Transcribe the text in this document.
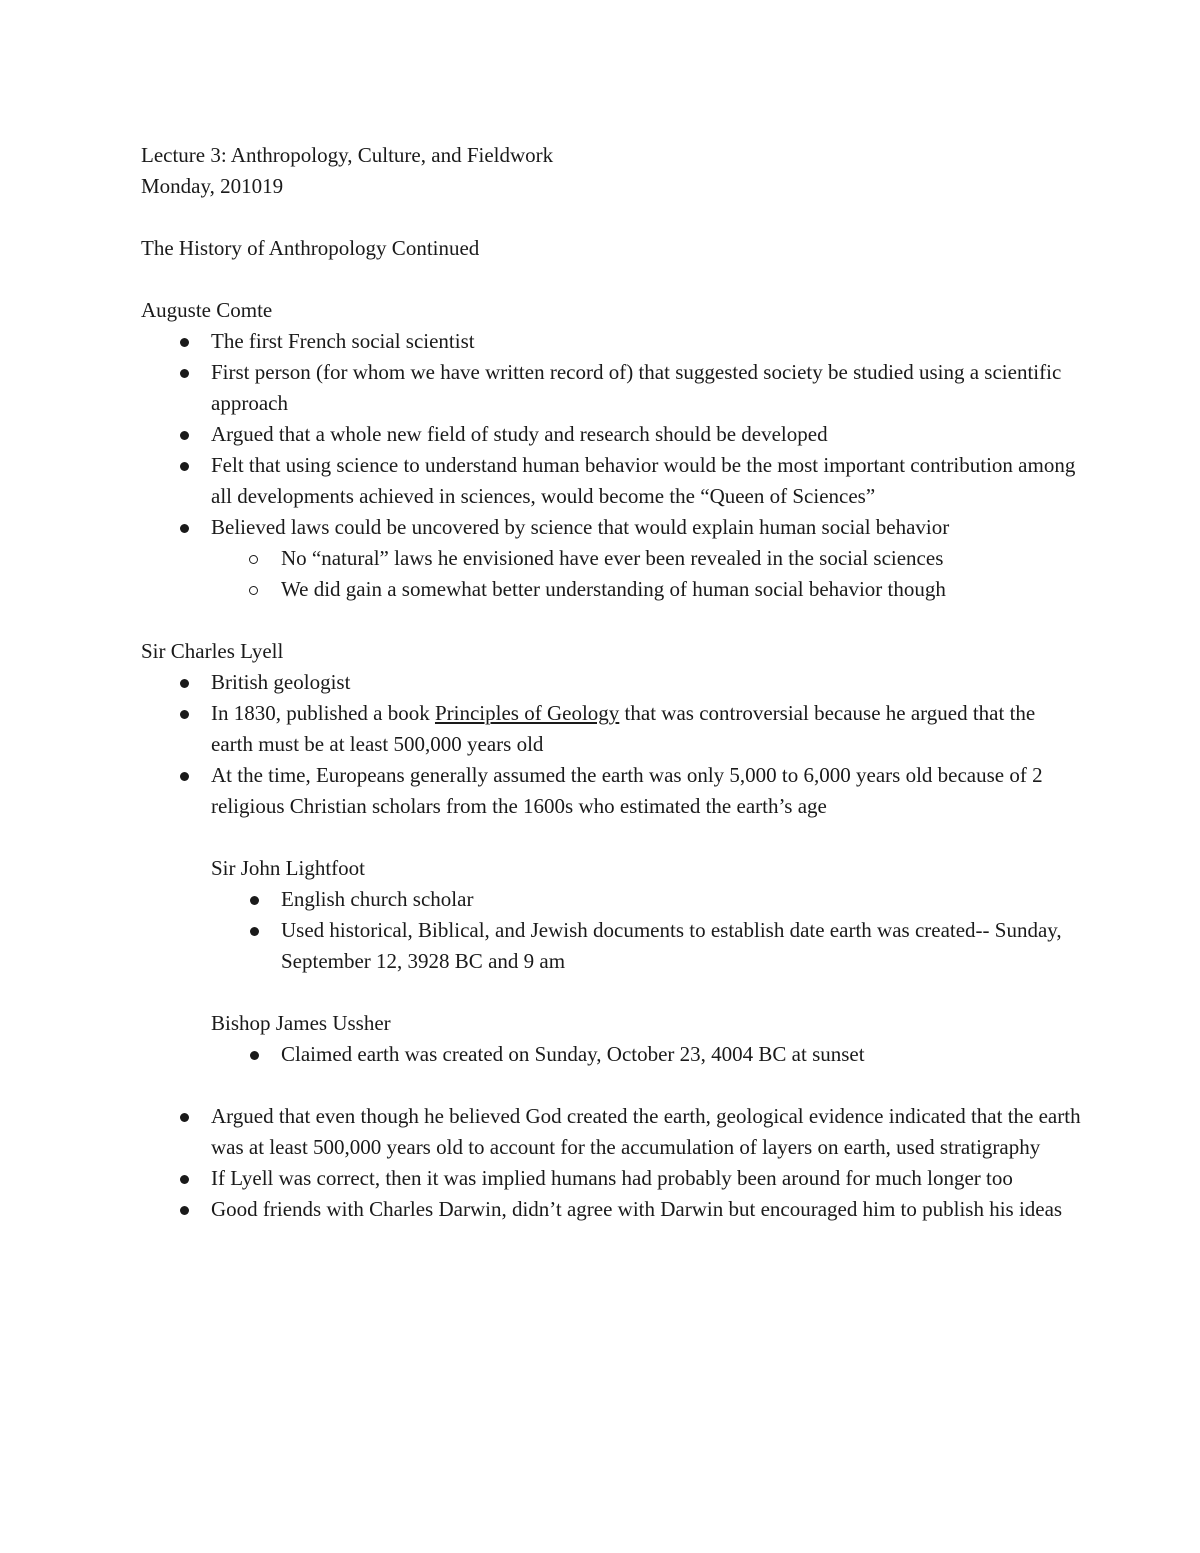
Lecture 3: Anthropology, Culture, and Fieldwork

Monday, 201019

The History of Anthropology Continued

Auguste Comte

The first French social scientist
First person (for whom we have written record of) that suggested society be studied using a scientific approach
Argued that a whole new field of study and research should be developed
Felt that using science to understand human behavior would be the most important contribution among all developments achieved in sciences, would become the “Queen of Sciences”
Believed laws could be uncovered by science that would explain human social behavior
No “natural” laws he envisioned have ever been revealed in the social sciences
We did gain a somewhat better understanding of human social behavior though

Sir Charles Lyell

British geologist
In 1830, published a book Principles of Geology that was controversial because he argued that the earth must be at least 500,000 years old
At the time, Europeans generally assumed the earth was only 5,000 to 6,000 years old because of 2 religious Christian scholars from the 1600s who estimated the earth’s age

Sir John Lightfoot

English church scholar
Used historical, Biblical, and Jewish documents to establish date earth was created-- Sunday, September 12, 3928 BC and 9 am

Bishop James Ussher

Claimed earth was created on Sunday, October 23, 4004 BC at sunset
Argued that even though he believed God created the earth, geological evidence indicated that the earth was at least 500,000 years old to account for the accumulation of layers on earth, used stratigraphy
If Lyell was correct, then it was implied humans had probably been around for much longer too
Good friends with Charles Darwin, didn’t agree with Darwin but encouraged him to publish his ideas
